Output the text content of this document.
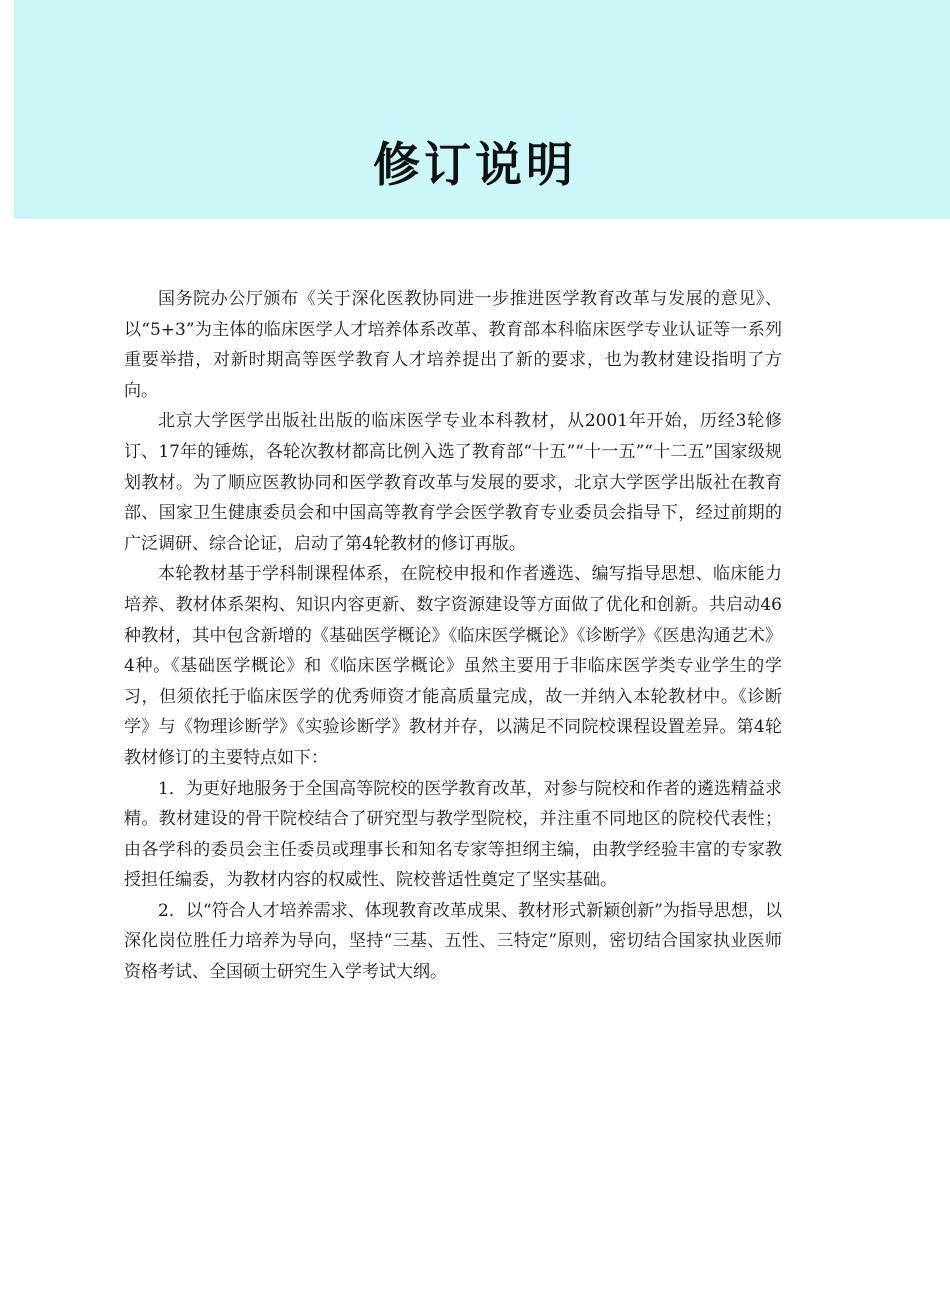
修订说明

国务院办公厅颁布《关于深化医教协同进一步推进医学教育改革与发展的意见》、以“5+3”为主体的临床医学人才培养体系改革、教育部本科临床医学专业认证等一系列重要举措，对新时期高等医学教育人才培养提出了新的要求，也为教材建设指明了方向。

北京大学医学出版社出版的临床医学专业本科教材，从2001年开始，历经3轮修订、17年的锤炼，各轮次教材都高比例入选了教育部“十五”“十一五”“十二五”国家级规划教材。为了顺应医教协同和医学教育改革与发展的要求，北京大学医学出版社在教育部、国家卫生健康委员会和中国高等教育学会医学教育专业委员会指导下，经过前期的广泛调研、综合论证，启动了第4轮教材的修订再版。

本轮教材基于学科制课程体系，在院校申报和作者遴选、编写指导思想、临床能力培养、教材体系架构、知识内容更新、数字资源建设等方面做了优化和创新。共启动46种教材，其中包含新增的《基础医学概论》《临床医学概论》《诊断学》《医患沟通艺术》4种。《基础医学概论》和《临床医学概论》虽然主要用于非临床医学类专业学生的学习，但须依托于临床医学的优秀师资才能高质量完成，故一并纳入本轮教材中。《诊断学》与《物理诊断学》《实验诊断学》教材并存，以满足不同院校课程设置差异。第4轮教材修订的主要特点如下：

1．为更好地服务于全国高等院校的医学教育改革，对参与院校和作者的遴选精益求精。教材建设的骨干院校结合了研究型与教学型院校，并注重不同地区的院校代表性；由各学科的委员会主任委员或理事长和知名专家等担纲主编，由教学经验丰富的专家教授担任编委，为教材内容的权威性、院校普适性奠定了坚实基础。

2．以“符合人才培养需求、体现教育改革成果、教材形式新颖创新”为指导思想，以深化岗位胜任力培养为导向，坚持“三基、五性、三特定”原则，密切结合国家执业医师资格考试、全国硕士研究生入学考试大纲。
